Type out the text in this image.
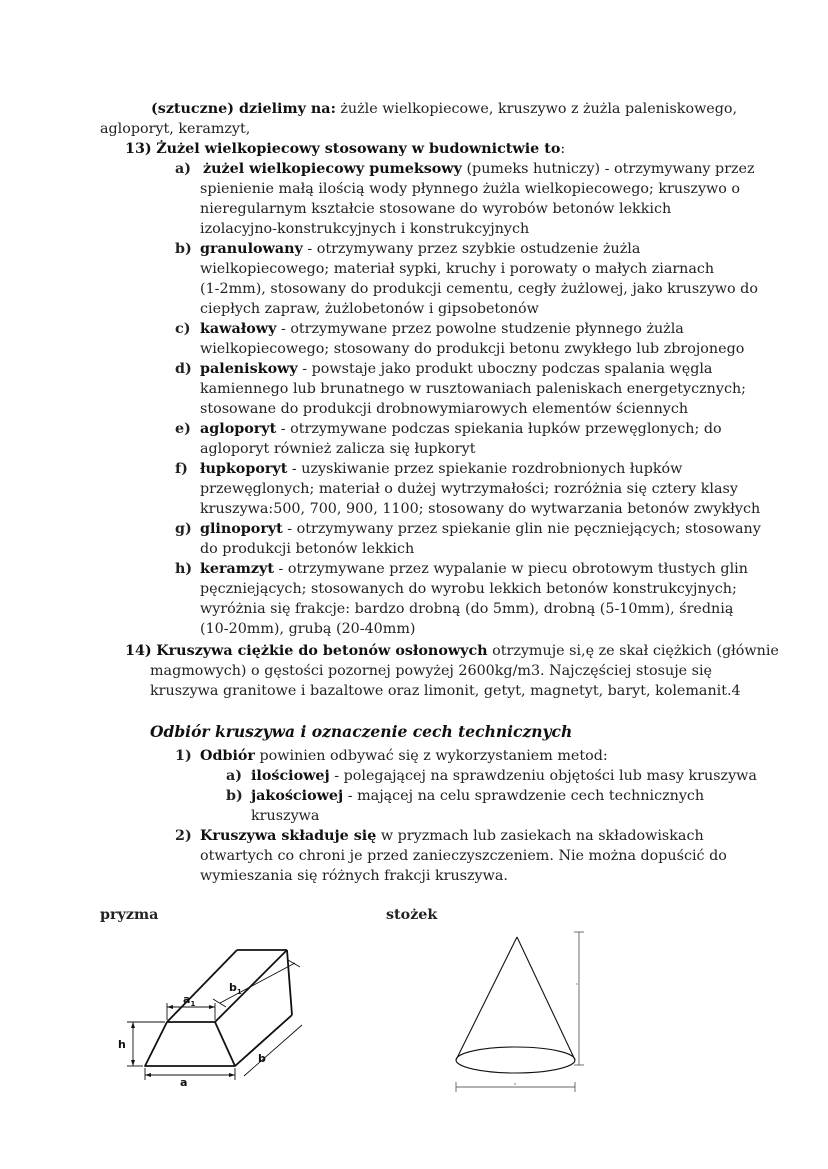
(sztuczne) dzielimy na: żużle wielkopiecowe, kruszywo z żużla paleniskowego,
agloporyt, keramzyt,
13) Żużel wielkopiecowy stosowany w budownictwie to:
a) żużel wielkopiecowy pumeksowy (pumeks hutniczy) - otrzymywany przez
spienienie małą ilością wody płynnego żużla wielkopiecowego; kruszywo o
nieregularnym kształcie stosowane do wyrobów betonów lekkich
izolacyjno-konstrukcyjnych i konstrukcyjnych
b) granulowany - otrzymywany przez szybkie ostudzenie żużla
wielkopiecowego; materiał sypki, kruchy i porowaty o małych ziarnach
(1-2mm), stosowany do produkcji cementu, cegły żużlowej, jako kruszywo do
ciepłych zapraw, żużlobetonów i gipsobetonów
c) kawałowy - otrzymywane przez powolne studzenie płynnego żużla
wielkopiecowego; stosowany do produkcji betonu zwykłego lub zbrojonego
d) paleniskowy - powstaje jako produkt uboczny podczas spalania węgla
kamiennego lub brunatnego w rusztowaniach paleniskach energetycznych;
stosowane do produkcji drobnowymiarowych elementów ściennych
e) agloporyt - otrzymywane podczas spiekania łupków przewęglonych; do
agloporyt również zalicza się łupkoryt
f) łupkoporyt - uzyskiwanie przez spiekanie rozdrobnionych łupków
przewęglonych; materiał o dużej wytrzymałości; rozróżnia się cztery klasy
kruszywa:500, 700, 900, 1100; stosowany do wytwarzania betonów zwykłych
g) glinoporyt - otrzymywany przez spiekanie glin nie pęczniejących; stosowany
do produkcji betonów lekkich
h) keramzyt - otrzymywane przez wypalanie w piecu obrotowym tłustych glin
pęczniejących; stosowanych do wyrobu lekkich betonów konstrukcyjnych;
wyróżnia się frakcje: bardzo drobną (do 5mm), drobną (5-10mm), średnią
(10-20mm), grubą (20-40mm)
14) Kruszywa ciężkie do betonów osłonowych otrzymuje si,ę ze skał ciężkich (głównie
magmowych) o gęstości pozornej powyżej 2600kg/m3. Najczęściej stosuje się
kruszywa granitowe i bazaltowe oraz limonit, getyt, magnetyt, baryt, kolemanit.4
Odbiór kruszywa i oznaczenie cech technicznych
1) Odbiór powinien odbywać się z wykorzystaniem metod:
a) ilościowej - polegającej na sprawdzeniu objętości lub masy kruszywa
b) jakościowej - mającej na celu sprawdzenie cech technicznych
kruszywa
2) Kruszywa składuje się w pryzmach lub zasiekach na składowiskach
otwartych co chroni je przed zanieczyszczeniem. Nie można dopuścić do
wymieszania się różnych frakcji kruszywa.
pryzma	stożek
a
h
$a_1$
$b_1$
b
h
D
